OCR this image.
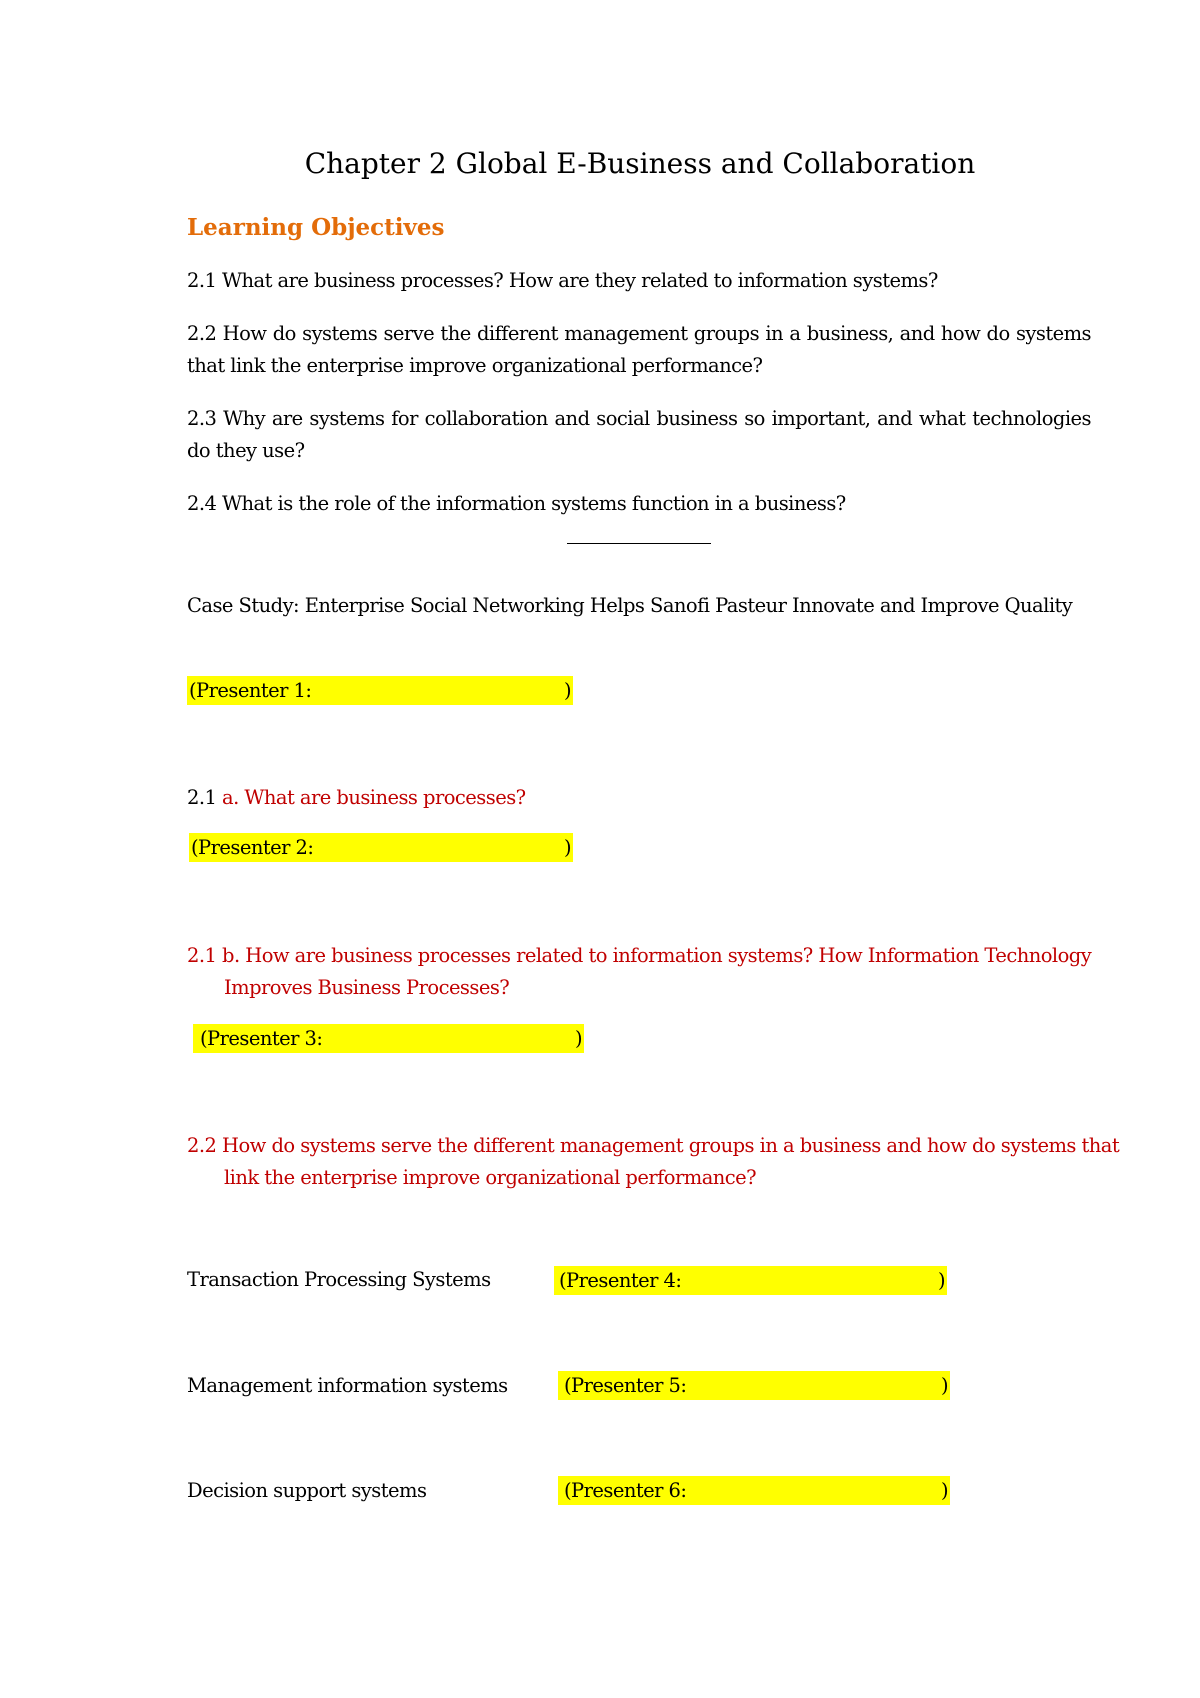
Chapter 2 Global E-Business and Collaboration
Learning Objectives
2.1 What are business processes? How are they related to information systems?
2.2 How do systems serve the different management groups in a business, and how do systems that link the enterprise improve organizational performance?
2.3 Why are systems for collaboration and social business so important, and what technologies do they use?
2.4 What is the role of the information systems function in a business?
Case Study: Enterprise Social Networking Helps Sanofi Pasteur Innovate and Improve Quality
(Presenter 1:	)
2.1 a. What are business processes?
(Presenter 2:	)
2.1 b. How are business processes related to information systems? How Information Technology Improves Business Processes?
(Presenter 3:	)
2.2 How do systems serve the different management groups in a business and how do systems that link the enterprise improve organizational performance?
Transaction Processing Systems	(Presenter 4:	)
Management information systems	(Presenter 5:	)
Decision support systems	(Presenter 6:	)
